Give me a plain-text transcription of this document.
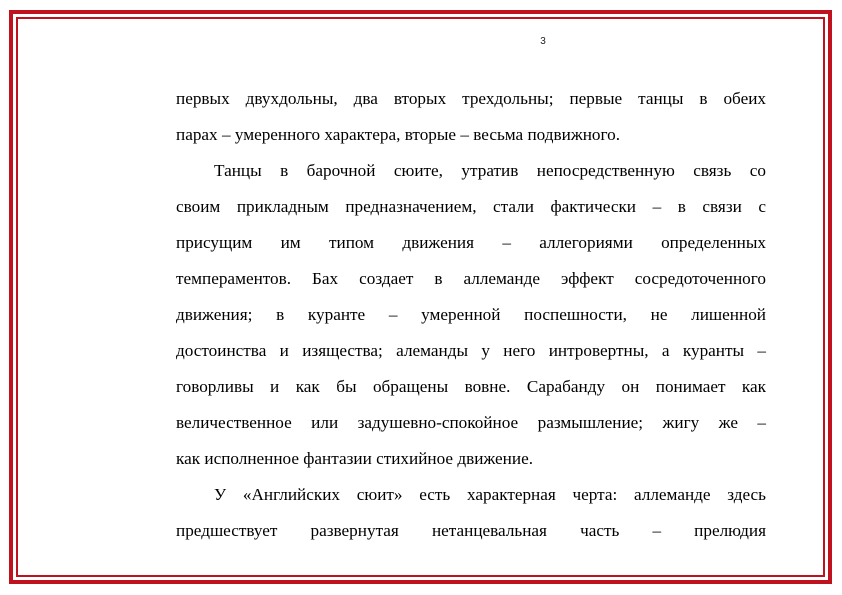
3
первых двухдольны, два вторых трехдольны; первые танцы в обеих
парах – умеренного характера, вторые – весьма подвижного.
Танцы в барочной сюите, утратив непосредственную связь со
своим прикладным предназначением, стали фактически – в связи с
присущим им типом движения – аллегориями определенных
темпераментов. Бах создает в аллеманде эффект сосредоточенного
движения; в куранте – умеренной поспешности, не лишенной
достоинства и изящества; алеманды у него интровертны, а куранты –
говорливы и как бы обращены вовне. Сарабанду он понимает как
величественное или задушевно-спокойное размышление; жигу же –
как исполненное фантазии стихийное движение.
У «Английских сюит» есть характерная черта: аллеманде здесь
предшествует развернутая нетанцевальная часть – прелюдия
